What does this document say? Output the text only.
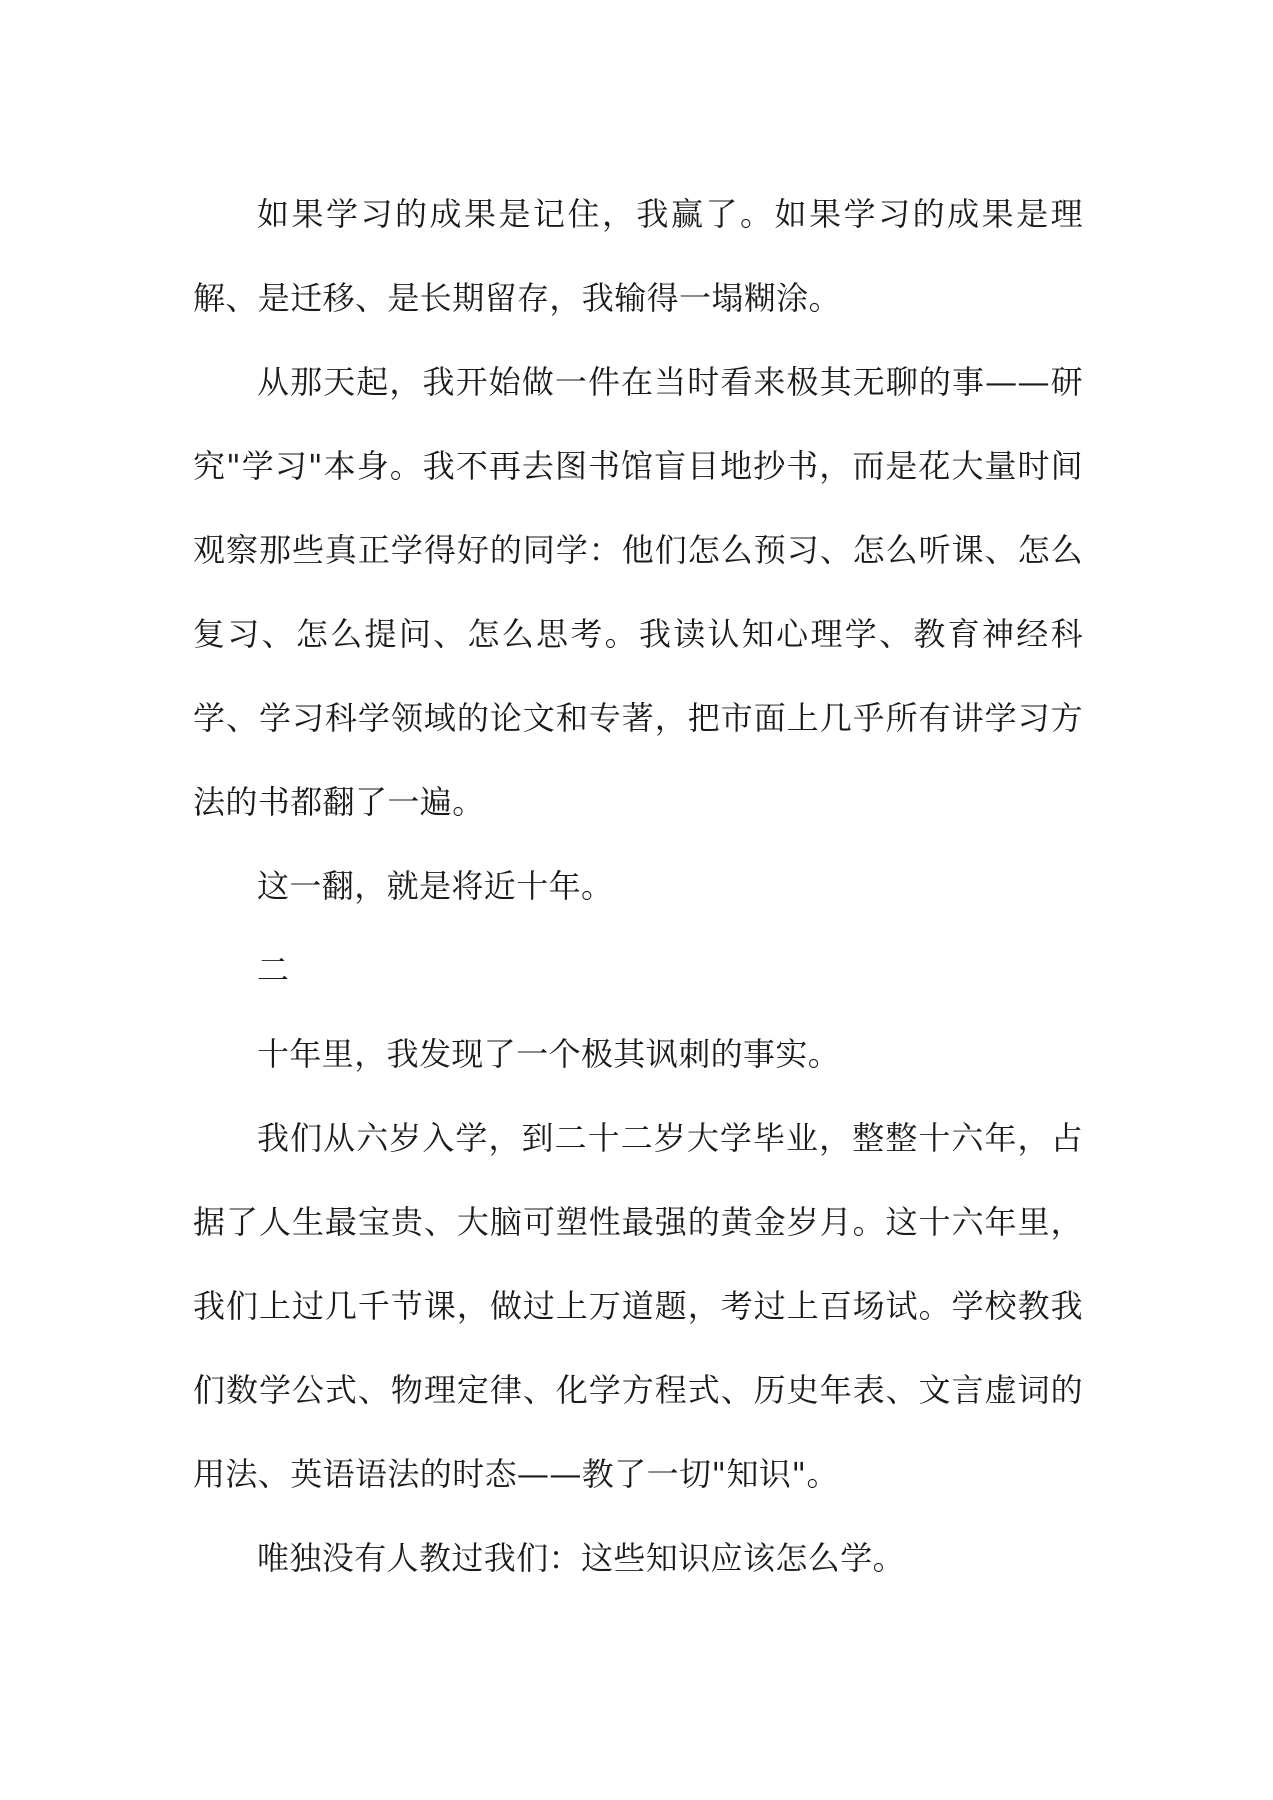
如果学习的成果是记住，我赢了。如果学习的成果是理解、是迁移、是长期留存，我输得一塌糊涂。

从那天起，我开始做一件在当时看来极其无聊的事——研究"学习"本身。我不再去图书馆盲目地抄书，而是花大量时间观察那些真正学得好的同学：他们怎么预习、怎么听课、怎么复习、怎么提问、怎么思考。我读认知心理学、教育神经科学、学习科学领域的论文和专著，把市面上几乎所有讲学习方法的书都翻了一遍。

这一翻，就是将近十年。

二

十年里，我发现了一个极其讽刺的事实。

我们从六岁入学，到二十二岁大学毕业，整整十六年，占据了人生最宝贵、大脑可塑性最强的黄金岁月。这十六年里，我们上过几千节课，做过上万道题，考过上百场试。学校教我们数学公式、物理定律、化学方程式、历史年表、文言虚词的用法、英语语法的时态——教了一切"知识"。

唯独没有人教过我们：这些知识应该怎么学。
